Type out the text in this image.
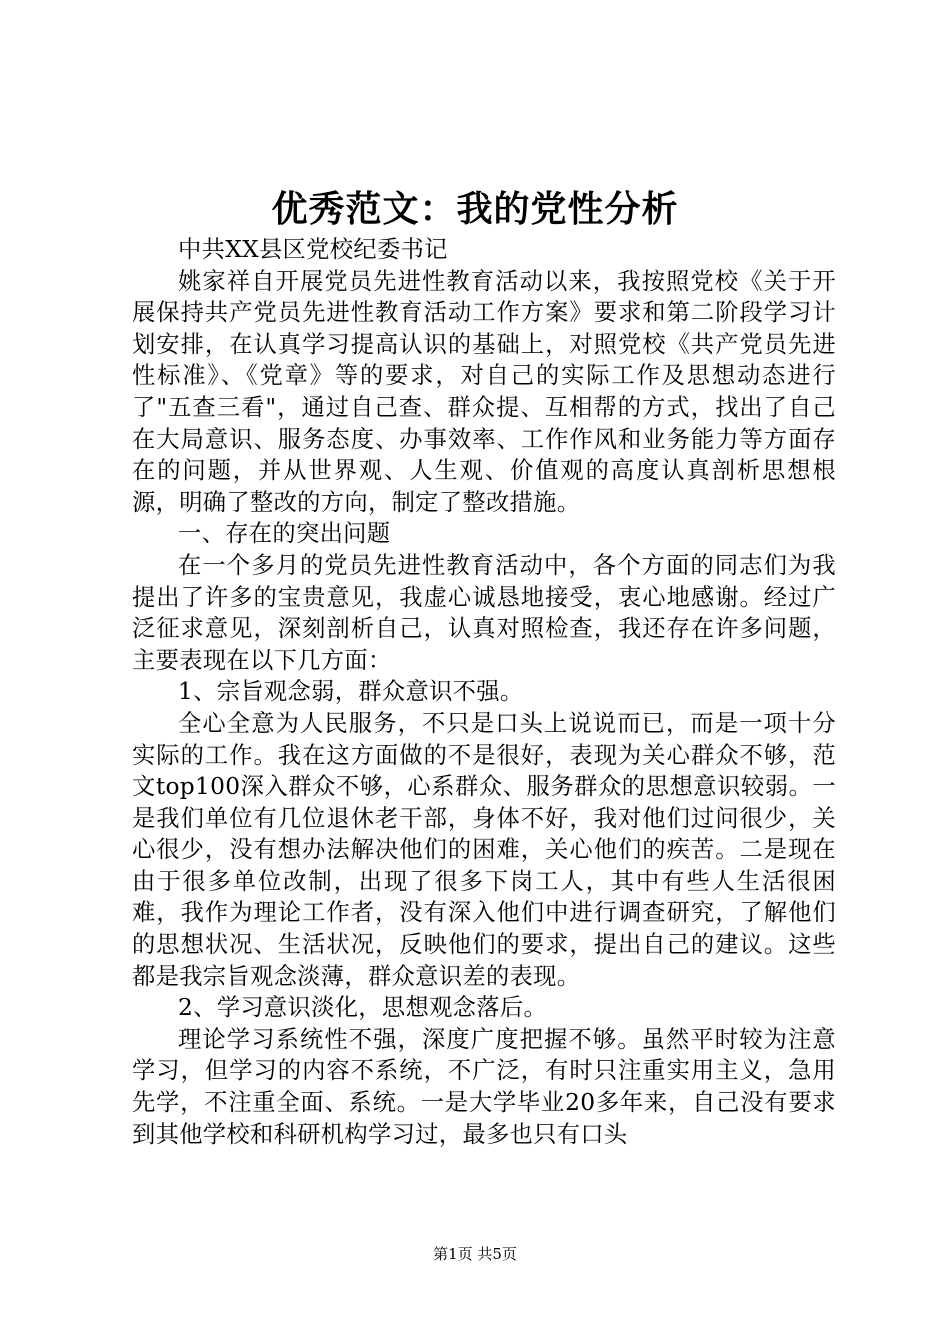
优秀范文：我的党性分析

中共XX县区党校纪委书记

姚家祥自开展党员先进性教育活动以来，我按照党校《关于开展保持共产党员先进性教育活动工作方案》要求和第二阶段学习计划安排，在认真学习提高认识的基础上，对照党校《共产党员先进性标准》、《党章》等的要求，对自己的实际工作及思想动态进行了"五查三看"，通过自己查、群众提、互相帮的方式，找出了自己在大局意识、服务态度、办事效率、工作作风和业务能力等方面存在的问题，并从世界观、人生观、价值观的高度认真剖析思想根源，明确了整改的方向，制定了整改措施。

一、存在的突出问题

在一个多月的党员先进性教育活动中，各个方面的同志们为我提出了许多的宝贵意见，我虚心诚恳地接受，衷心地感谢。经过广泛征求意见，深刻剖析自己，认真对照检查，我还存在许多问题，主要表现在以下几方面：

1、宗旨观念弱，群众意识不强。

全心全意为人民服务，不只是口头上说说而已，而是一项十分实际的工作。我在这方面做的不是很好，表现为关心群众不够，范文top100深入群众不够，心系群众、服务群众的思想意识较弱。一是我们单位有几位退休老干部，身体不好，我对他们过问很少，关心很少，没有想办法解决他们的困难，关心他们的疾苦。二是现在由于很多单位改制，出现了很多下岗工人，其中有些人生活很困难，我作为理论工作者，没有深入他们中进行调查研究，了解他们的思想状况、生活状况，反映他们的要求，提出自己的建议。这些都是我宗旨观念淡薄，群众意识差的表现。

2、学习意识淡化，思想观念落后。

理论学习系统性不强，深度广度把握不够。虽然平时较为注意学习，但学习的内容不系统，不广泛，有时只注重实用主义，急用先学，不注重全面、系统。一是大学毕业20多年来，自己没有要求到其他学校和科研机构学习过，最多也只有口头

第1页 共5页
